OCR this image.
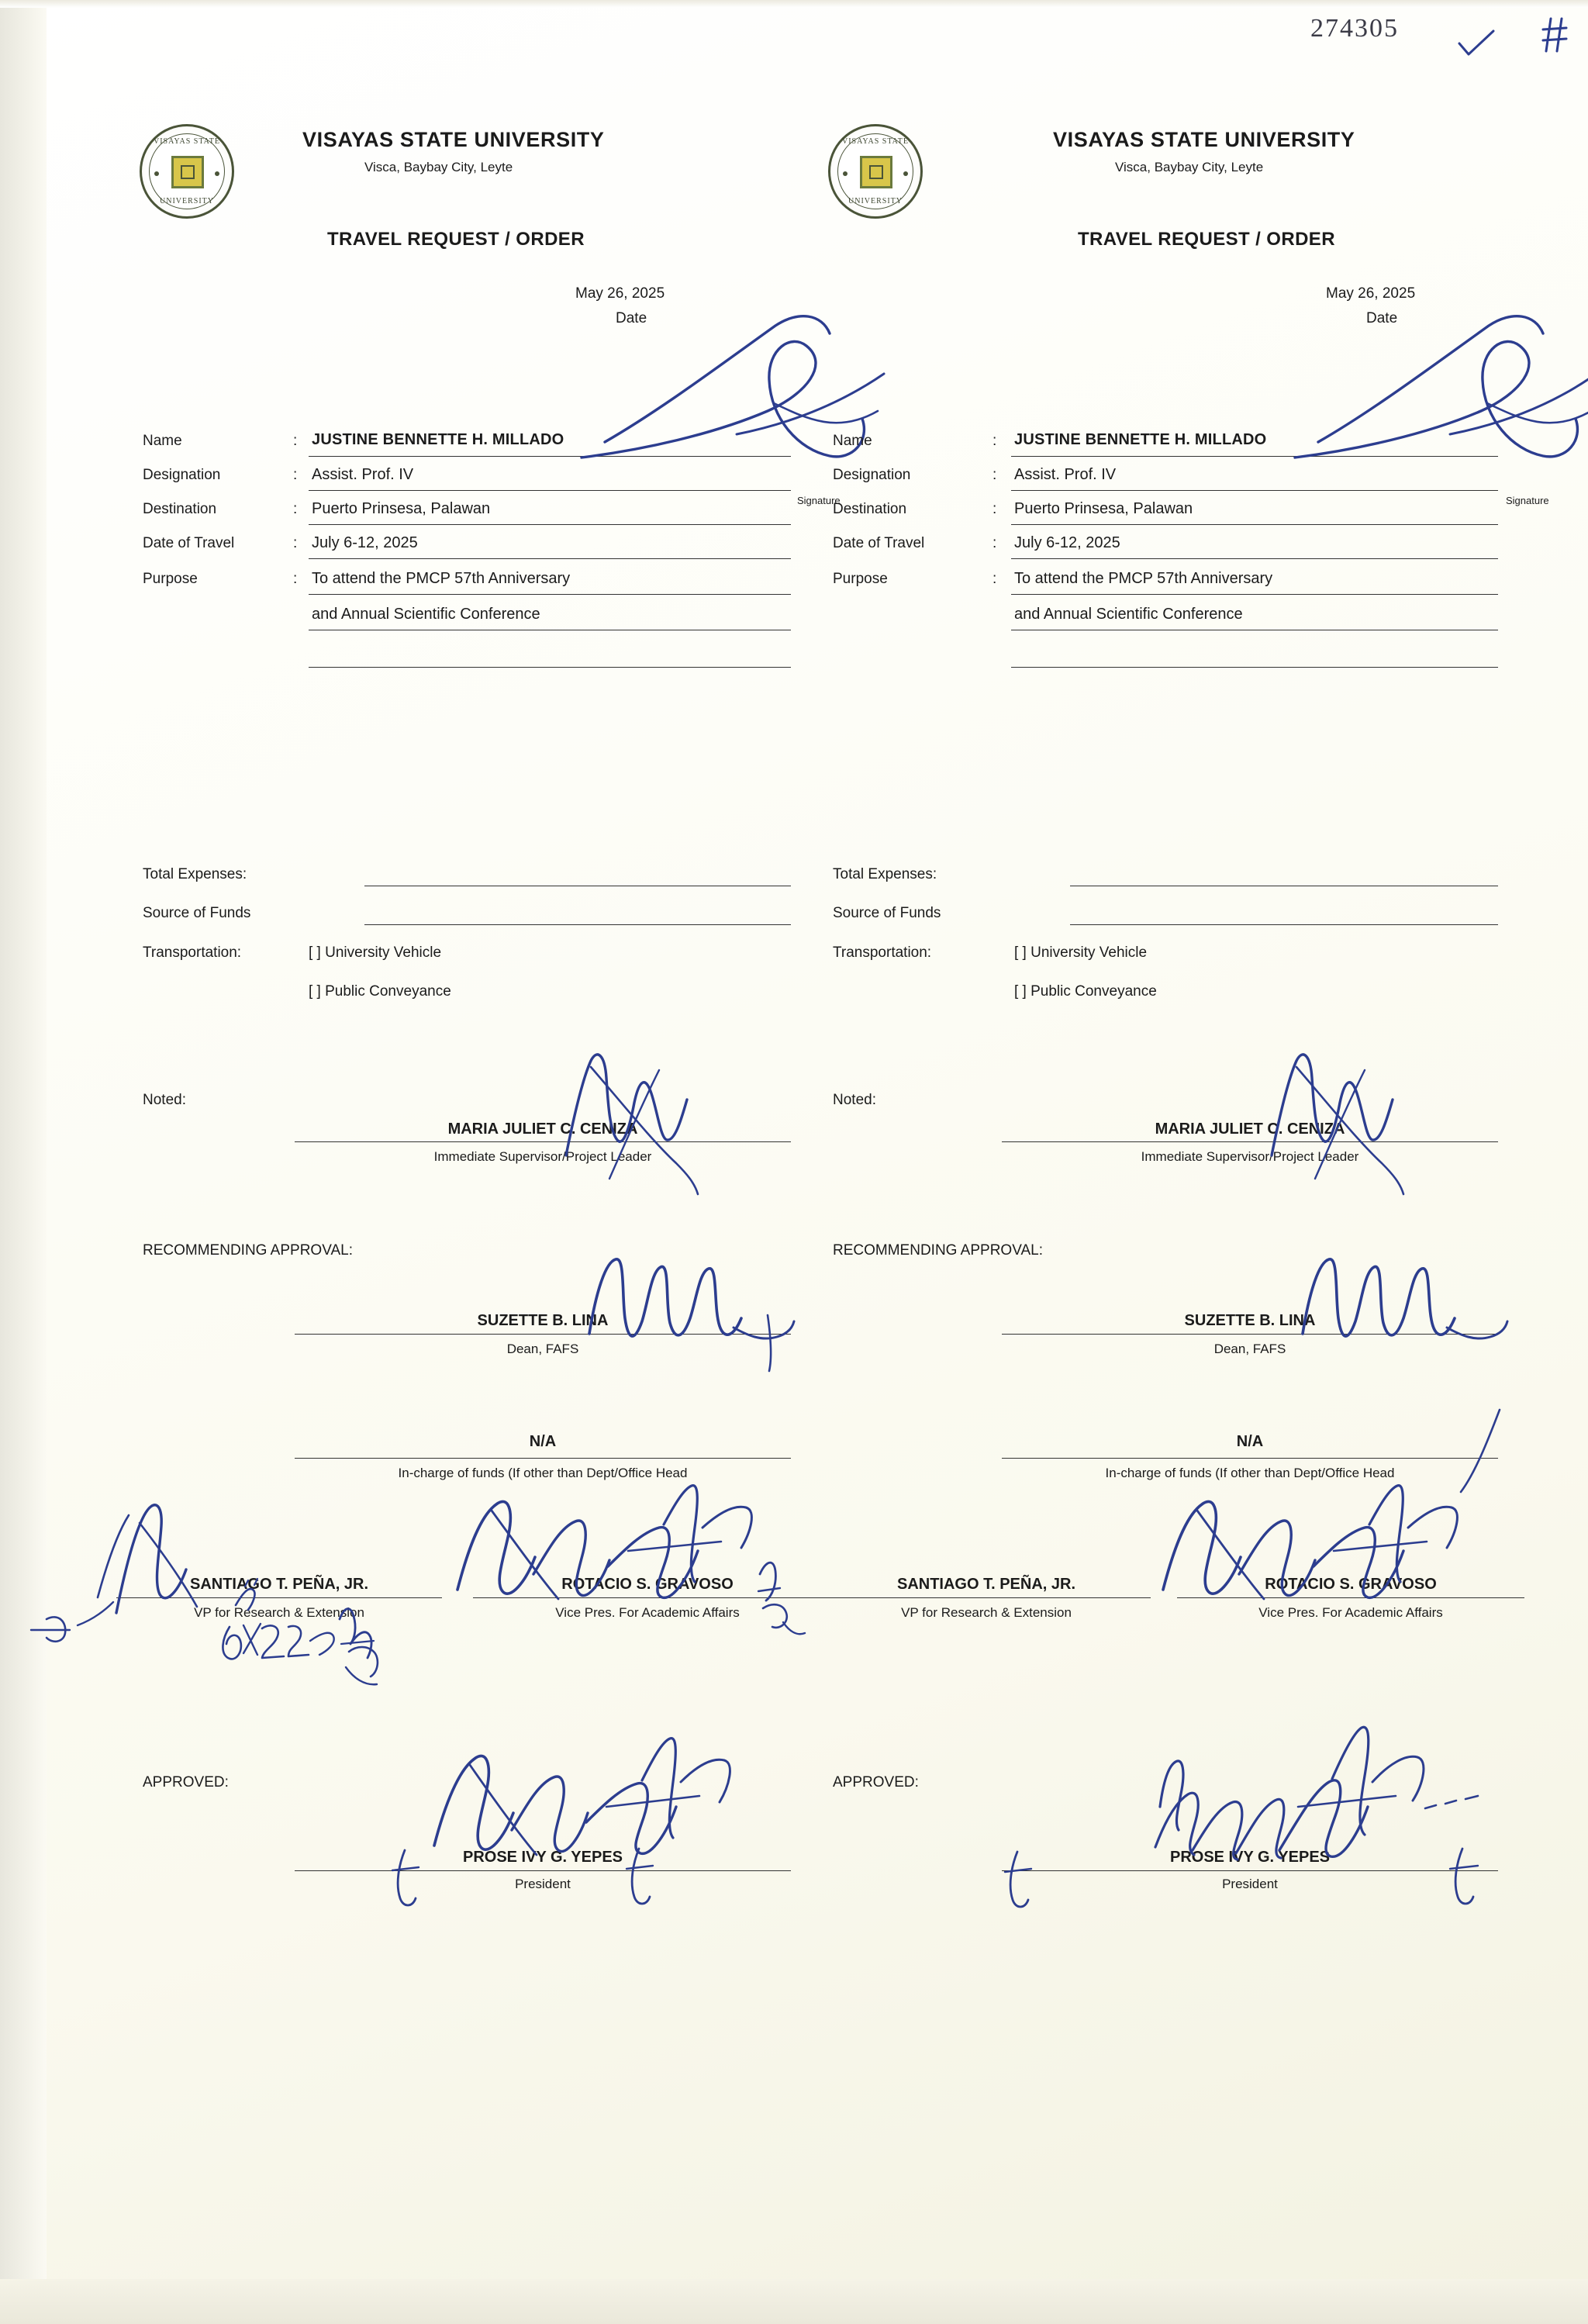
274305
VISAYAS STATE
UNIVERSITY
VISAYAS STATE UNIVERSITY
Visca, Baybay City, Leyte
TRAVEL REQUEST / ORDER
May 26, 2025
Date
Name	: JUSTINE BENNETTE H. MILLADO
Designation	: Assist. Prof. IV
Destination	: Puerto Prinsesa, Palawan
Date of Travel	: July 6-12, 2025
Purpose	: To attend the PMCP 57th Anniversary
and Annual Scientific Conference
Signature
Total Expenses:
Source of Funds
Transportation:	[ ] University Vehicle
[ ] Public Conveyance
Noted:
MARIA JULIET C. CENIZA
Immediate Supervisor/Project Leader
RECOMMENDING APPROVAL:
SUZETTE B. LINA
Dean, FAFS
N/A
In-charge of funds (If other than Dept/Office Head
SANTIAGO T. PEÑA, JR.
VP for Research & Extension
ROTACIO S. GRAVOSO
Vice Pres. For Academic Affairs
APPROVED:
PROSE IVY G. YEPES
President
VISAYAS STATE
UNIVERSITY
VISAYAS STATE UNIVERSITY
Visca, Baybay City, Leyte
TRAVEL REQUEST / ORDER
May 26, 2025
Date
Name	: JUSTINE BENNETTE H. MILLADO
Designation	: Assist. Prof. IV
Destination	: Puerto Prinsesa, Palawan
Date of Travel	: July 6-12, 2025
Purpose	: To attend the PMCP 57th Anniversary
and Annual Scientific Conference
Signature
Total Expenses:
Source of Funds
Transportation:	[ ] University Vehicle
[ ] Public Conveyance
Noted:
MARIA JULIET C. CENIZA
Immediate Supervisor/Project Leader
RECOMMENDING APPROVAL:
SUZETTE B. LINA
Dean, FAFS
N/A
In-charge of funds (If other than Dept/Office Head
SANTIAGO T. PEÑA, JR.
VP for Research & Extension
ROTACIO S. GRAVOSO
Vice Pres. For Academic Affairs
APPROVED:
PROSE IVY G. YEPES
President
